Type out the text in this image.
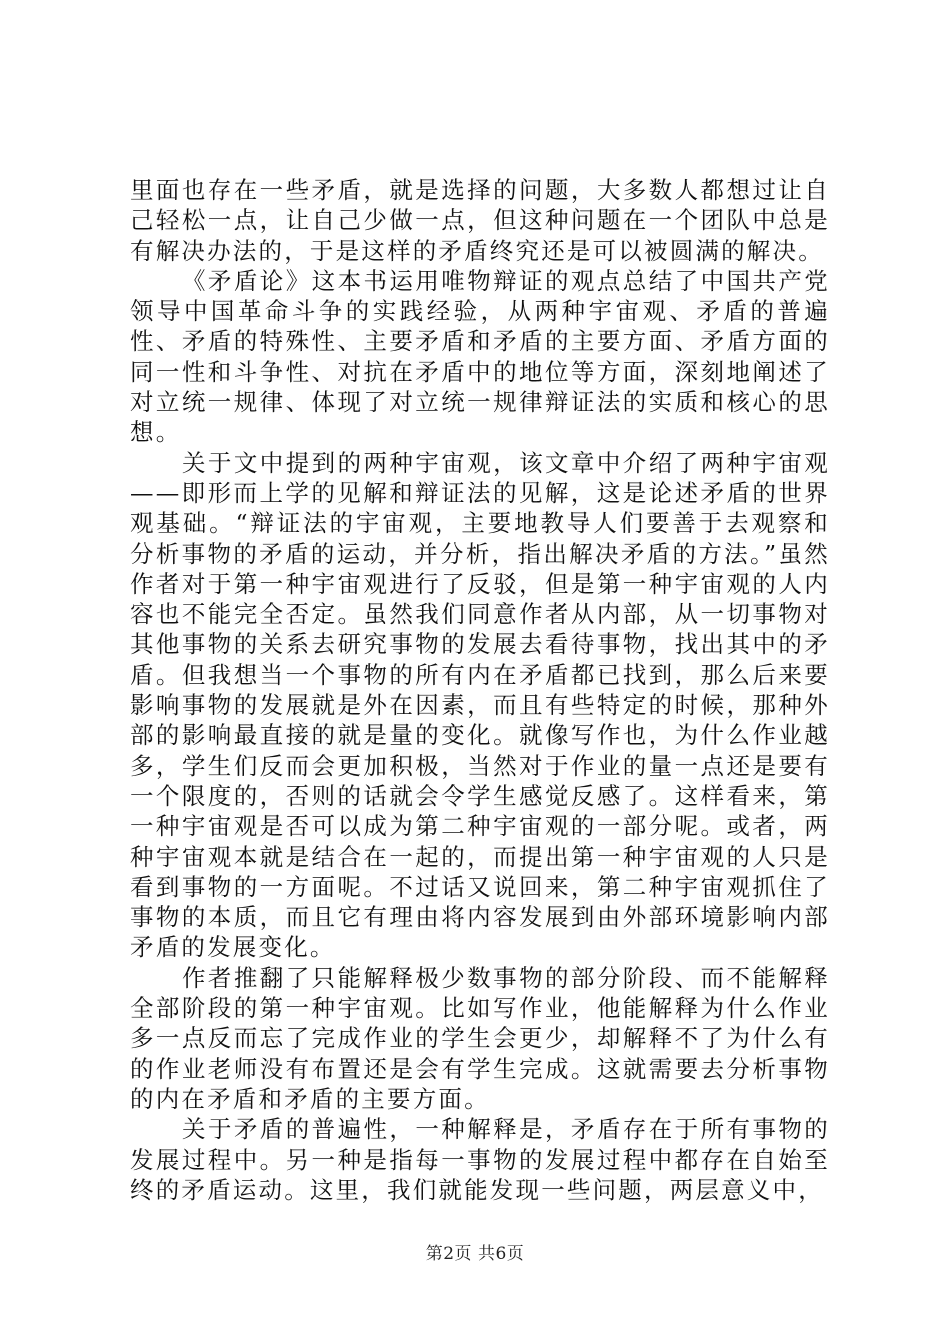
里面也存在一些矛盾，就是选择的问题，大多数人都想过让自己轻松一点，让自己少做一点，但这种问题在一个团队中总是有解决办法的，于是这样的矛盾终究还是可以被圆满的解决。

《矛盾论》这本书运用唯物辩证的观点总结了中国共产党领导中国革命斗争的实践经验，从两种宇宙观、矛盾的普遍性、矛盾的特殊性、主要矛盾和矛盾的主要方面、矛盾方面的同一性和斗争性、对抗在矛盾中的地位等方面，深刻地阐述了对立统一规律、体现了对立统一规律辩证法的实质和核心的思想。

关于文中提到的两种宇宙观，该文章中介绍了两种宇宙观——即形而上学的见解和辩证法的见解，这是论述矛盾的世界观基础。“辩证法的宇宙观，主要地教导人们要善于去观察和分析事物的矛盾的运动，并分析，指出解决矛盾的方法。”虽然作者对于第一种宇宙观进行了反驳，但是第一种宇宙观的人内容也不能完全否定。虽然我们同意作者从内部，从一切事物对其他事物的关系去研究事物的发展去看待事物，找出其中的矛盾。但我想当一个事物的所有内在矛盾都已找到，那么后来要影响事物的发展就是外在因素，而且有些特定的时候，那种外部的影响最直接的就是量的变化。就像写作也，为什么作业越多，学生们反而会更加积极，当然对于作业的量一点还是要有一个限度的，否则的话就会令学生感觉反感了。这样看来，第一种宇宙观是否可以成为第二种宇宙观的一部分呢。或者，两种宇宙观本就是结合在一起的，而提出第一种宇宙观的人只是看到事物的一方面呢。不过话又说回来，第二种宇宙观抓住了事物的本质，而且它有理由将内容发展到由外部环境影响内部矛盾的发展变化。

作者推翻了只能解释极少数事物的部分阶段、而不能解释全部阶段的第一种宇宙观。比如写作业，他能解释为什么作业多一点反而忘了完成作业的学生会更少，却解释不了为什么有的作业老师没有布置还是会有学生完成。这就需要去分析事物的内在矛盾和矛盾的主要方面。

关于矛盾的普遍性，一种解释是，矛盾存在于所有事物的发展过程中。另一种是指每一事物的发展过程中都存在自始至终的矛盾运动。这里，我们就能发现一些问题，两层意义中，

第2页 共6页
